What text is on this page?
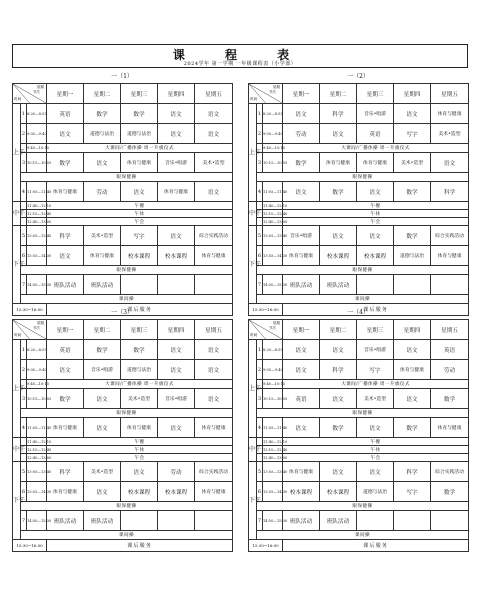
课 程 表
2024学年 第一学期 一年级课程表（小学部）
一（1）
星期
节次
时间			星期一	星期二	星期三	星期四	星期五
上午	1	8:20—8:55	英语	数学	数学	语文	语文
	2	9:05—9:40	语文	道德与法治	道德与法治	语文	语文
		9:40—10:15	大课间/广播体操 周一升旗仪式				
	3	10:15—10:55	数学	语文	体育与健康	音乐•唱游	美术•造型
	眼保健操						
	4	11:05—11:40	体育与健康	劳动	语文	体育与健康	语文
中午		11:40—12:10	午餐				
		12:10—12:40	午休				
		12:40—13:00	午会				
下午	5	13:05—13:40	科学	美术•造型	写字	语文	综合实践活动
	6	13:55—14:30	语文	体育与健康	校本课程	校本课程	体育与健康
	眼保健操						
	7	14:50—15:30	班队活动	班队活动			
	课间操						
15:30~16:00			课后服务				
一（2）
星期
节次
时间			星期一	星期二	星期三	星期四	星期五
上午	1	8:20—8:55	语文	科学	音乐•唱游	语文	体育与健康
	2	9:05—9:40	劳动	语文	英语	写字	美术•造型
		9:40—10:15	大课间/广播体操 周一升旗仪式				
	3	10:15—10:55	数学	体育与健康	体育与健康	美术•造型	语文
	眼保健操						
	4	11:05—11:40	语文	数学	语文	数学	科学
中午		11:40—12:10	午餐				
		12:10—12:40	午休				
		12:40—13:00	午会				
下午	5	13:05—13:40	音乐•唱游	语文	语文	数学	综合实践活动
	6	13:55—14:30	体育与健康	校本课程	校本课程	道德与法治	体育与健康
	眼保健操						
	7	14:50—15:30	班队活动	班队活动			
	课间操						
15:30~16:00			课后服务				
一（3）
星期
节次
时间			星期一	星期二	星期三	星期四	星期五
上午	1	8:20—8:55	英语	数学	数学	语文	语文
	2	9:05—9:40	语文	音乐•唱游	道德与法治	语文	语文
		9:40—10:15	大课间/广播体操 周一升旗仪式				
	3	10:15—10:55	数学	语文	美术•造型	音乐•唱游	语文
	眼保健操						
	4	11:05—11:40	体育与健康	语文	体育与健康	语文	体育与健康
中午		11:40—12:10	午餐				
		12:10—12:40	午休				
		12:40—13:00	午会				
下午	5	13:05—13:40	科学	美术•造型	语文	劳动	综合实践活动
	6	13:55—14:30	体育与健康	语文	校本课程	校本课程	体育与健康
	眼保健操						
	7	14:50—15:30	班队活动	班队活动			
	课间操						
15:30~16:00			课后服务				
一（4）
星期
节次
时间			星期一	星期二	星期三	星期四	星期五
上午	1	8:20—8:55	语文	语文	音乐•唱游	语文	英语
	2	9:05—9:40	语文	科学	写字	体育与健康	劳动
		9:40—10:15	大课间/广播体操 周一升旗仪式				
	3	10:15—10:55	英语	语文	美术•造型	语文	数学
	眼保健操						
	4	11:05—11:40	语文	数学	语文	数学	体育与健康
中午		11:40—12:10	午餐				
		12:10—12:40	午休				
		12:40—13:00	午会				
下午	5	13:05—13:40	体育与健康	语文	语文	科学	综合实践活动
	6	13:55—14:30	校本课程	校本课程	道德与法治	写字	数学
	眼保健操						
	7	14:50—15:30	班队活动	班队活动			
	课间操						
15:30~16:00			课后服务				
